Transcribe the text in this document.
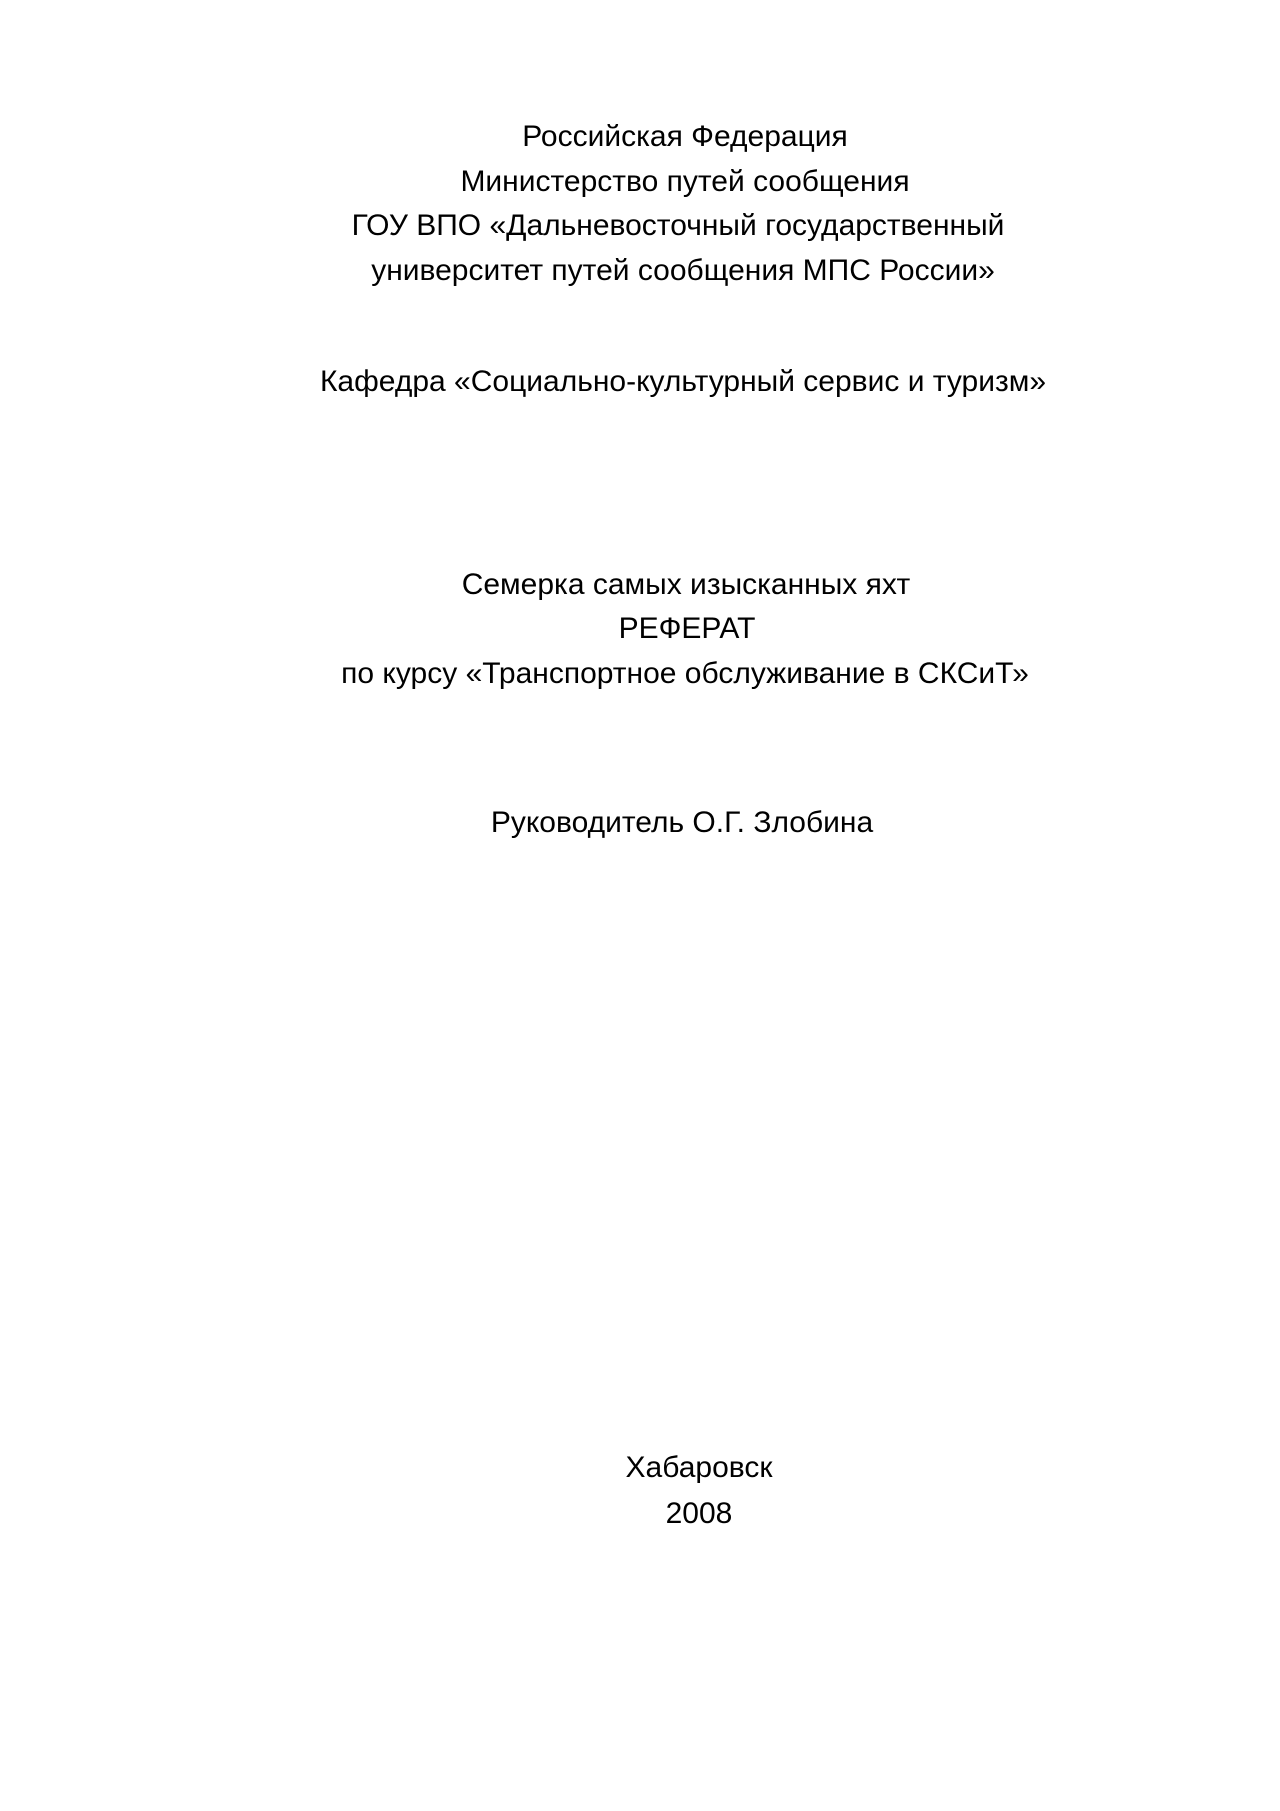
Российская Федерация
Министерство путей сообщения
ГОУ ВПО «Дальневосточный государственный
университет путей сообщения МПС России»
Кафедра «Социально-культурный сервис и туризм»
Семерка самых изысканных яхт
РЕФЕРАТ
по курсу «Транспортное обслуживание в СКСиТ»
Руководитель О.Г. Злобина
Хабаровск
2008
